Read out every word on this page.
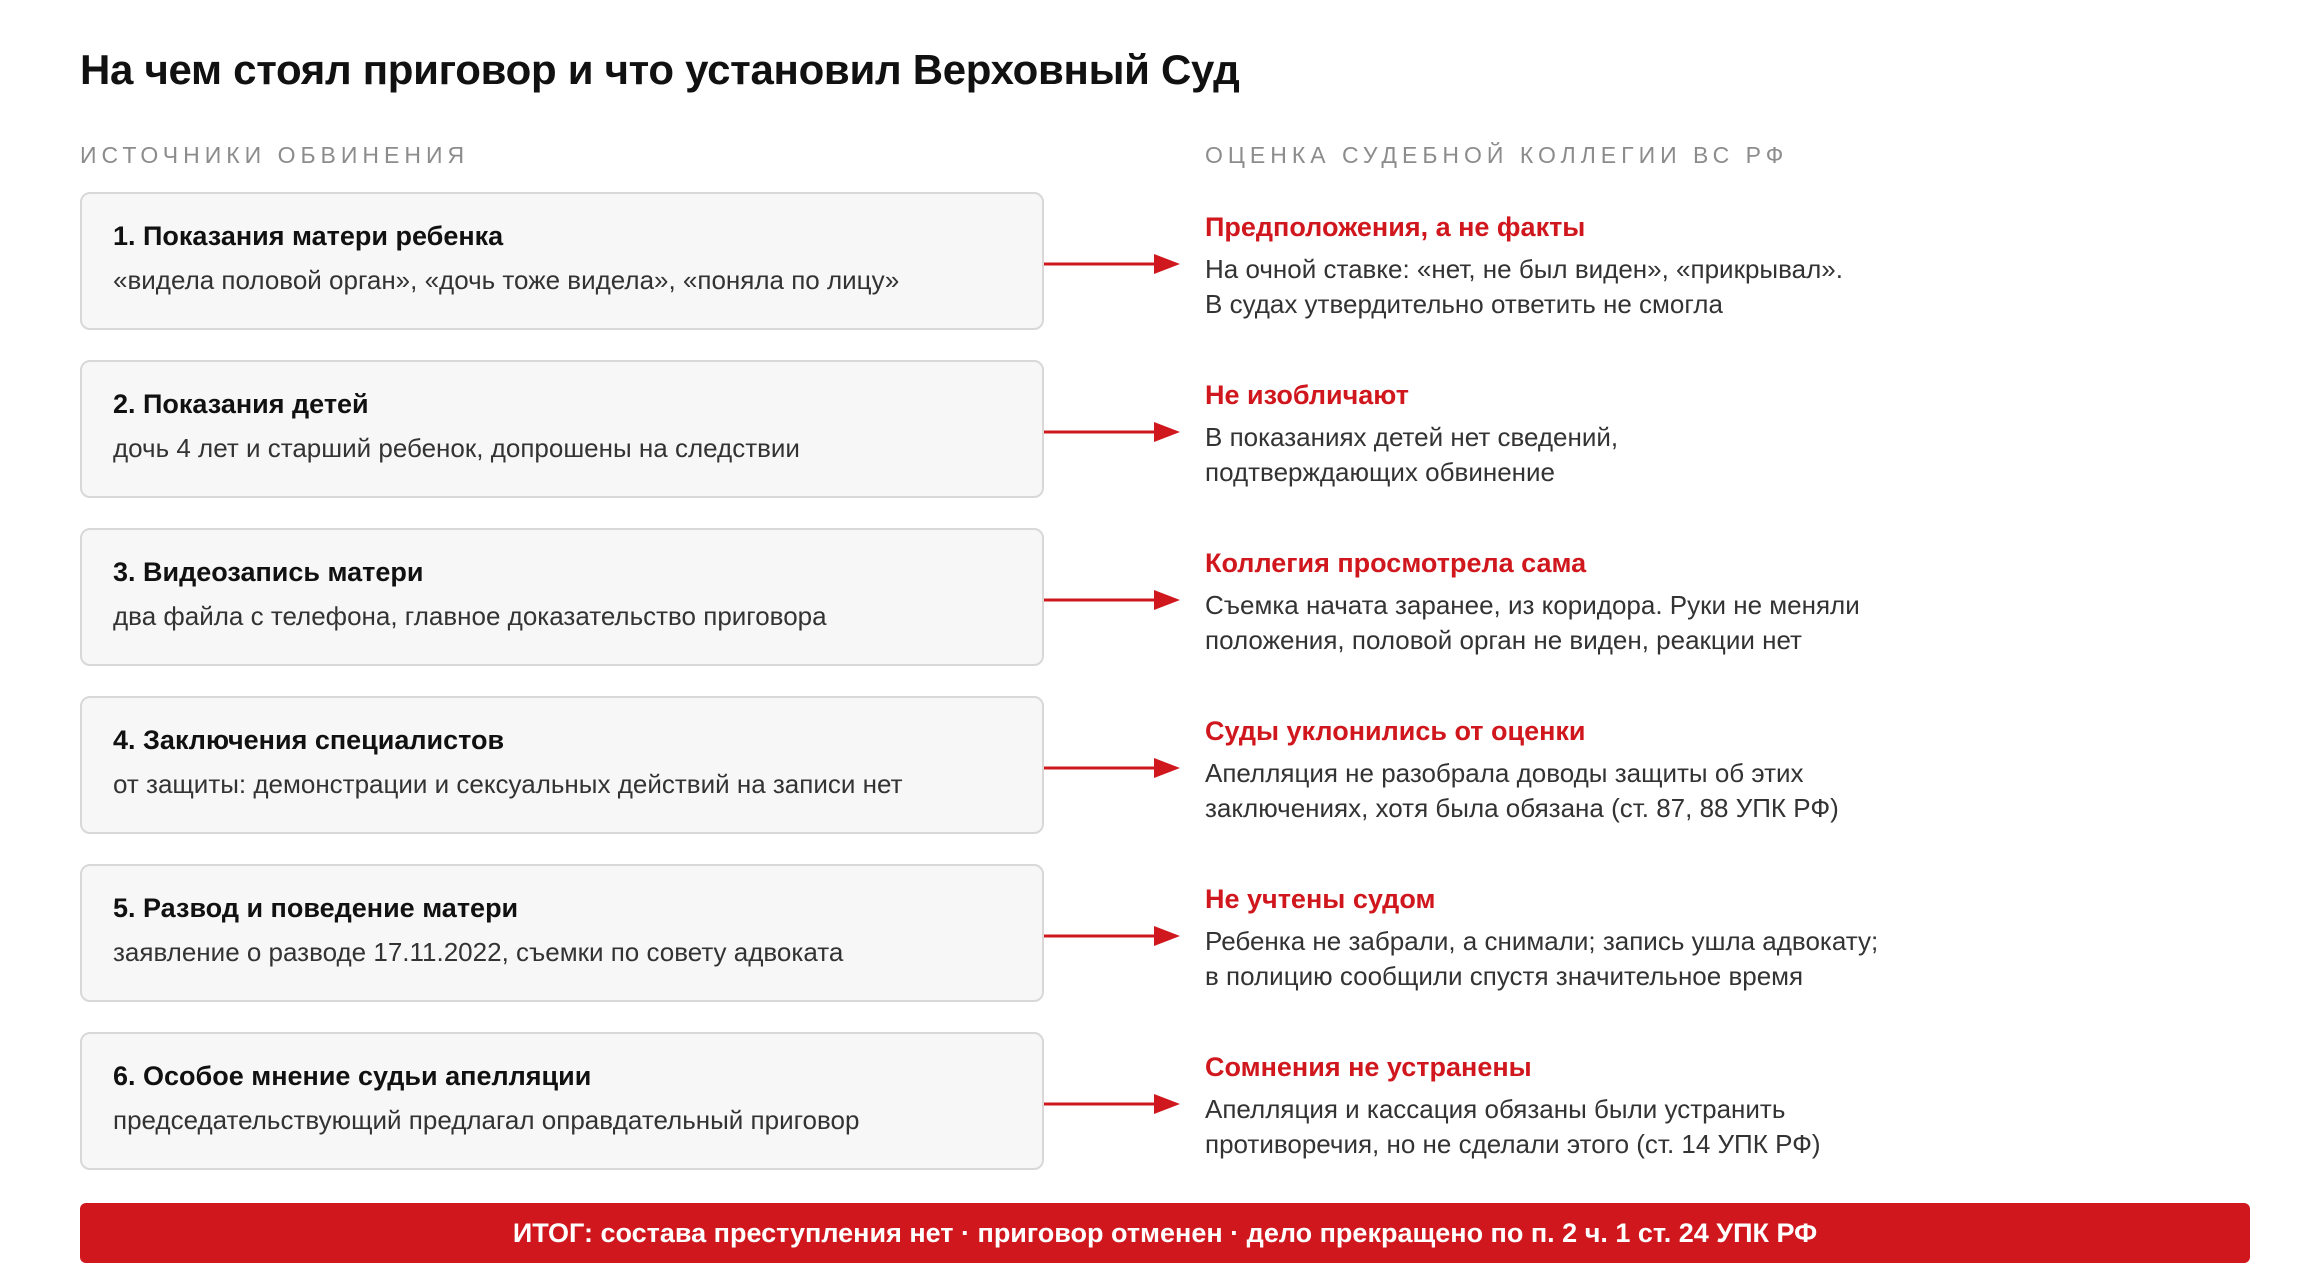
На чем стоял приговор и что установил Верховный Суд
ИСТОЧНИКИ ОБВИНЕНИЯ	ОЦЕНКА СУДЕБНОЙ КОЛЛЕГИИ ВС РФ
1. Показания матери ребенка
«видела половой орган», «дочь тоже видела», «поняла по лицу»
Предположения, а не факты
На очной ставке: «нет, не был виден», «прикрывал».
В судах утвердительно ответить не смогла
2. Показания детей
дочь 4 лет и старший ребенок, допрошены на следствии
Не изобличают
В показаниях детей нет сведений,
подтверждающих обвинение
3. Видеозапись матери
два файла с телефона, главное доказательство приговора
Коллегия просмотрела сама
Съемка начата заранее, из коридора. Руки не меняли
положения, половой орган не виден, реакции нет
4. Заключения специалистов
от защиты: демонстрации и сексуальных действий на записи нет
Суды уклонились от оценки
Апелляция не разобрала доводы защиты об этих
заключениях, хотя была обязана (ст. 87, 88 УПК РФ)
5. Развод и поведение матери
заявление о разводе 17.11.2022, съемки по совету адвоката
Не учтены судом
Ребенка не забрали, а снимали; запись ушла адвокату;
в полицию сообщили спустя значительное время
6. Особое мнение судьи апелляции
председательствующий предлагал оправдательный приговор
Сомнения не устранены
Апелляция и кассация обязаны были устранить
противоречия, но не сделали этого (ст. 14 УПК РФ)
ИТОГ: состава преступления нет · приговор отменен · дело прекращено по п. 2 ч. 1 ст. 24 УПК РФ
